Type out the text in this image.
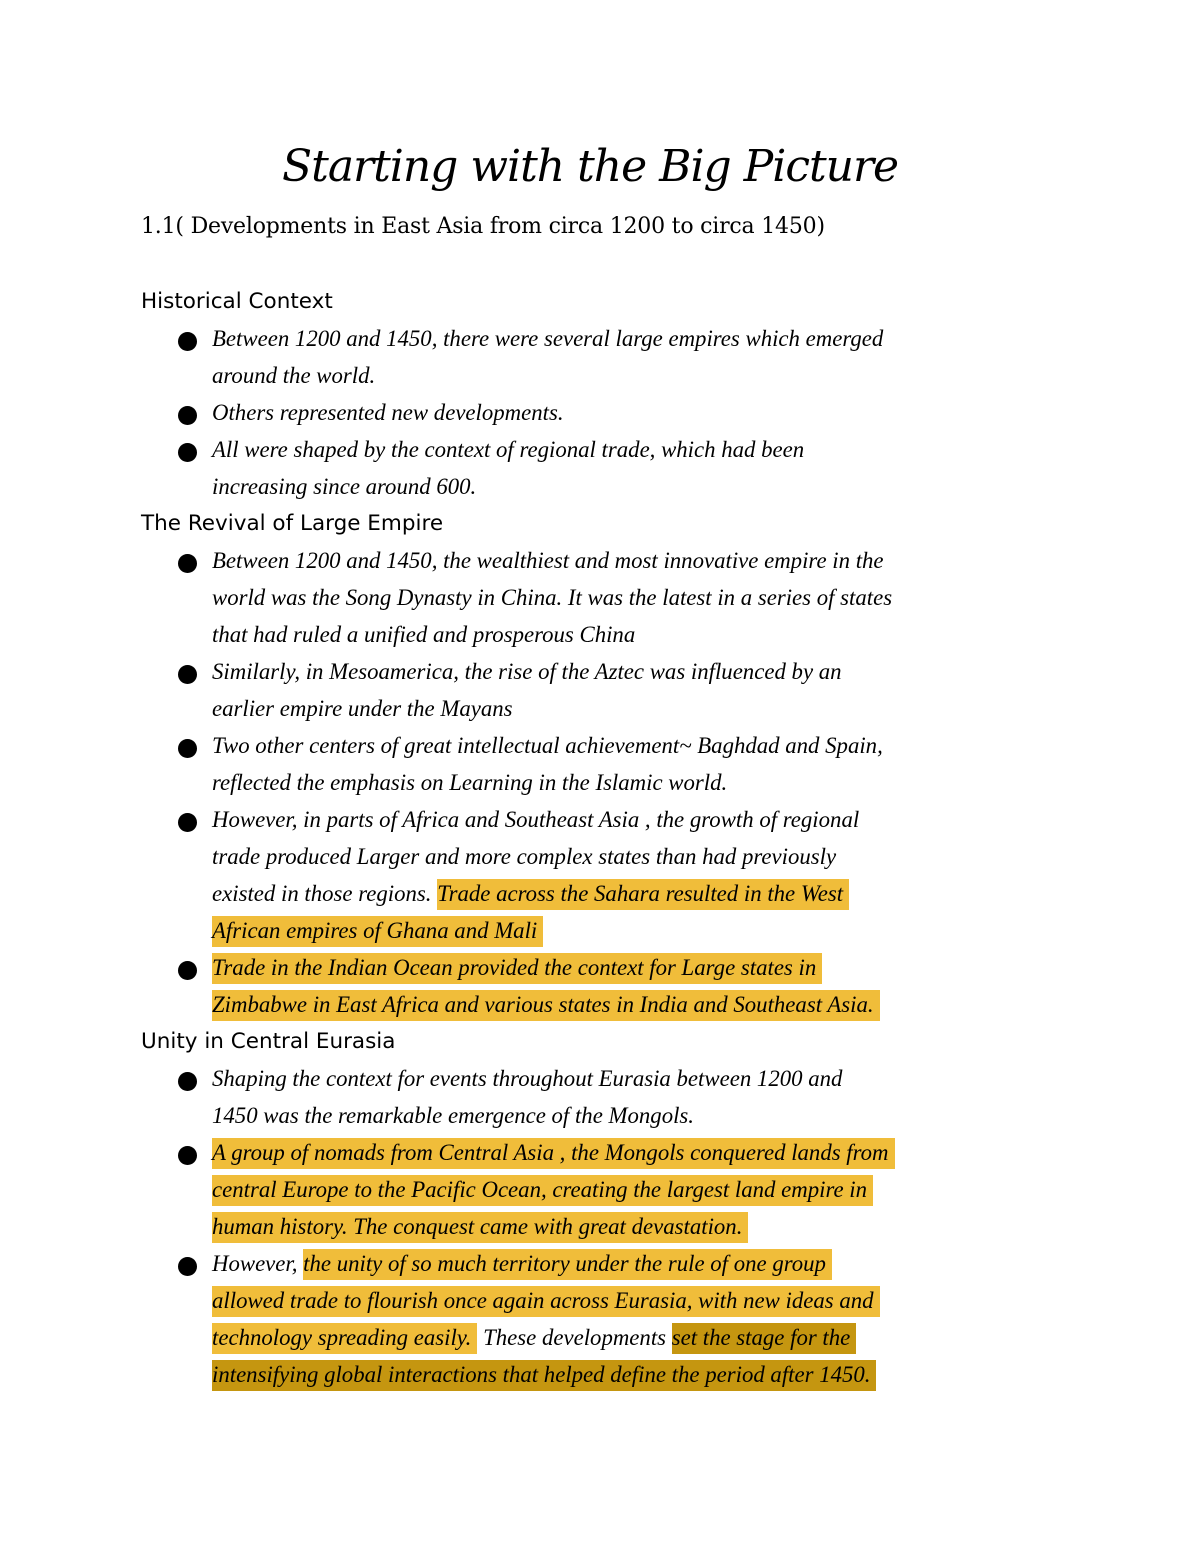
Starting with the Big Picture
1.1( Developments in East Asia from circa 1200 to circa 1450)
Historical Context
Between 1200 and 1450, there were several large empires which emerged
around the world.
Others represented new developments.
All were shaped by the context of regional trade, which had been
increasing since around 600.
The Revival of Large Empire
Between 1200 and 1450, the wealthiest and most innovative empire in the
world was the Song Dynasty in China. It was the latest in a series of states
that had ruled a unified and prosperous China
Similarly, in Mesoamerica, the rise of the Aztec was influenced by an
earlier empire under the Mayans
Two other centers of great intellectual achievement~ Baghdad and Spain,
reflected the emphasis on Learning in the Islamic world.
However, in parts of Africa and Southeast Asia , the growth of regional
trade produced Larger and more complex states than had previously
existed in those regions. Trade across the Sahara resulted in the West
African empires of Ghana and Mali
Trade in the Indian Ocean provided the context for Large states in
Zimbabwe in East Africa and various states in India and Southeast Asia.
Unity in Central Eurasia
Shaping the context for events throughout Eurasia between 1200 and
1450 was the remarkable emergence of the Mongols.
A group of nomads from Central Asia , the Mongols conquered lands from
central Europe to the Pacific Ocean, creating the largest land empire in
human history. The conquest came with great devastation.
However, the unity of so much territory under the rule of one group
allowed trade to flourish once again across Eurasia, with new ideas and
technology spreading easily. These developments set the stage for the
intensifying global interactions that helped define the period after 1450.
